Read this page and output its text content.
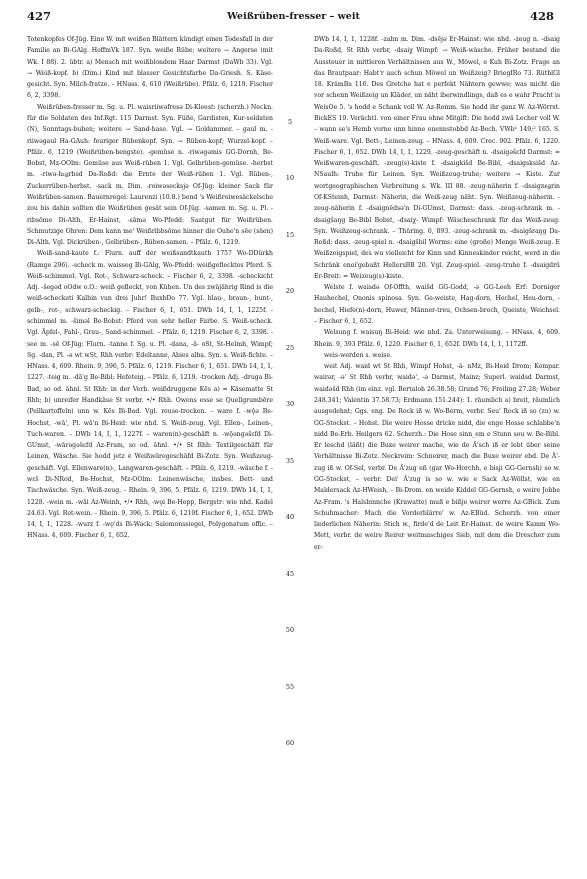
427	Weißrüben-fresser – weit	428

Totenkopfes Of-Jüg. Eine W. mit weißen Blättern kündigt einen Todesfall in der Familie an Bi-GAlg. HoffmVk 187. Syn. weiße Rübe; weitere → Angerse (mit Wk. I 88). 2. übtr. a) Mensch mit weißblondem Haar Darmst (DaWb 33). Vgl. → Weiß-kopf. b) (Dim.) Kind mit blasser Gesichtsfarbe Da-Griesh. S. Käse-gesicht. Syn. Milch-fratze. – HNass. 4, 610 (Weißrübe). Pfälz. 6, 1219. Fischer 6, 2, 3398.

Weißrüben-fresser m. Sg. u. Pl. waisriiwəfresə Di-Kleest: (scherzh.) Neckn. für die Soldaten des Inf.Rgt. 115 Darmst. Syn. Füße, Gardisten, Kur-soldaten (N), Sonntags-buben; weitere → Sand-hase. Vgl. → Goldammer. – gaul m. -riiwəgaul Ha-GAuh: feuriger Rübenkopf. Syn. → Rüben-kopf; Wurzel-kopf. – Pfälz. 6, 1219 (Weißrüben-hengste). -gemüse n. -riwəgəmis GG-Dornh, Be-Bobst, Mz-OOlm: Gemüse aus Weiß-rüben 1. Vgl. Gelbrüben-gemüse. -herbst m. -riwə-hε͜ərbsd Da-Roßd: die Ernte der Weiß-rüben 1. Vgl. Rüben-, Zuckerrüben-herbst. -sack m. Dim. -roiwəsecksjə Of-Jüg: kleiner Sack für Weißrüben-samen. Bauernregel: Laurenzi (10.8.) bend 's Weißroiwesäckelsche zou bis dahin sollten die Weißrüben gesät sein Of-Jüg. -samen m. Sg. u. Pl. -ribsōme Di-Alth, Er-Hainst, -sāmə Wo-Pfedd: Saatgut für Weißrüben. Schmutzige Ohren: Dem kann me' Weißribbsōme hinner die Ouhe'n sēe (säen) Di-Alth. Vgl. Dickrüben-, Gelbrüben-, Rüben-samen. – Pfälz. 6, 1219.

Weiß-sand-kaute f.: Flurn. auff der weißsandtkauth 1757 Wo-DDürkh (Ramge 296). -scheck m. waisseg Bi-GAlg, Wo-Pfedd: weißgeflecktes Pferd. S. Weiß-schimmel. Vgl. Rot-, Schwarz-scheck. – Fischer 6, 2, 3398. -scheckicht Adj. -šegəd oOdw o.O.: weiß gefleckt, von Kühen. Un des zwäjährig Rind is die weiß-schecketi Kalbin vun drei Juhr! BuxbDo 77. Vgl. blau-, braun-, bunt-, gelb-, rot-, schwarz-scheckig. – Fischer 6, 1, 651. DWb 14, I, 1, 1225f. -schimmel m. -šiməl Be-Bobst: Pferd von sehr heller Farbe. S. Weiß-scheck. Vgl. Äpfel-, Fahl-, Grau-, Sand-schimmel. – Pfälz. 6, 1219. Fischer 6, 2, 3398. -see m. -sē Of-Jüg: Flurn. -tanne f. Sg. u. Pl. -dana, -ā- oSt, St-Helmh, Wimpf; Sg. -dan, Pl. -ə wt wSt, Rhh verbr: Edeltanne, Abies alba. Syn. s. Weiß-fichte. – HNass. 4, 609. Rhein. 9, 396, 5. Pfälz. 6, 1219. Fischer 6, 1, 651. DWb 14, I, 1, 1227. -teig m. -dā'g Be-Bibl: Hefeteig. – Pfälz. 6, 1219. -trocken Adj. -druga Bi-Bad, so od. ähnl. St Rhh: in der Verb. weißdruggene Kēs a) = Käsematte St Rhh; b) unreifer Handkäse St verbr. •/• Rhh. Owens esse se Quellgrumbēre (Pellkartoffeln) unn w. Kēs Bi-Bad. Vgl. reuse-trocken. – ware f. -wǭə Be-Hochst, -wā', Pl. wā'n Bi-Heid: wie nhd. S. Weiß-zeug. Vgl. Ellen-, Leinen-, Tuch-waren. – DWb 14, I, 1, 1227f. – waren(n)-geschäft n. -wǭəngəšεfd Di-GUmst, -wārəgəšεfd Az-Fram, so od. ähnl. •/• St Rhh: Textilgeschäft für Leinen, Wäsche. Sie hodd jetz e Weißwäregeschäfd Bi-Zotz. Syn. Weißzeug-geschäft. Vgl. Ellenware(n)-, Langwaren-geschäft. – Pfälz. 6, 1219. -wäsche f. -wεš Di-NRod, Be-Hochst, Mz-OOlm: Leinenwäsche, insbes. Bett- und Tischwäsche. Syn. Weiß-zeug. – Rhein. 9, 396, 5. Pfälz. 6, 1219. DWb 14, I, 1, 1228. -wein m. -wāi Az-Weinh, •/• Rhh, -wǫi Be-Hepp, Bergstr: wie nhd. Kadel 24.63. Vgl. Rot-wein. – Rhein. 9, 396, 5. Pfälz. 6, 1219f. Fischer 6, 1, 652. DWb 14, I, 1, 1228. -wurz f. -wǫ'ds Bi-Wack: Salomonssiegel, Polygonatum offic. – HNass. 4, 609. Fischer 6, 1, 652.

5
10
15
20
25
30
35
40
45
50
55
60

DWb 14, I, 1, 1228f. -zahn m. Dim. -dsējə Er-Hainst: wie nhd. -zeug n. -dsaig Da-Roßd, St Rhh verbr, -dsaiχ Wimpf: → Weiß-wäsche. Früher bestand die Aussteuer in mittleren Verhältnissen aus W., Möwel, e Kuh Bi-Zotz. Frage an das Brautpaar: Habt'r auch schun Möwel un Weißzeig? BriegIRo 73. RüthlGl 18. KrämBa 116. Des Gretche hat e perfekt Nähtern gewwe; was micht die vor schenn Weißzeig un Kläder, un näht iberwindlings, daß es e wahr Pracht is WeisOe 5. 's hodd e Schank voll W. Az-Romm. Sie hodd ihr ganz W. Az-Wörrst. BickES 19. Verächtl. von einer Frau ohne Mitgift: Die hodd zwä Lecher voll W. – wann se's Hemb vorne unn hinne enennstobbd Az-Bech. VWb¹ 149;² 165. S. Weiß-ware. Vgl. Bett-, Leinen-zeug. – HNass. 4, 609. Crec. 902. Pfälz. 6, 1220. Fischer 6, 1, 652. DWb 14, I, 1, 1229. -zeug-geschäft n. -dsaigəšεfd Darmst: = Weißwaren-geschäft. -zeug(s)-kiste f. -dsaigkišd Be-Bibl, -dsaigsksišd Az-NSaulh: Truhe für Leinen. Syn. Weißzeug-truhe; weitere → Kiste. Zur wortgeographischen Verbreitung s. Wk. III 88. -zeug-näherin f. -dsaignē͜ərin Of-KSteinh, Darmst: Näherin, die Weiß-zeug näht. Syn. Weißzeug-näherin. -zeug-näherin f. -dsaignēdsə'n Di-GUmst, Darmst: dass. -zeug-schrank m. -dsaigšaŋg Be-Bibl Bobst, -dsaiχ- Wimpf: Wäscheschrank für das Weiß-zeug. Syn. Weißzeug-schrank. – Thüring. 6, 893. -zeug-schrank m. -dsaigšraŋg Da-Roßd: dass. -zeug-spiel n. -dsaigšbil Worms: eine (große) Menge Weiß-zeug. E Weißzeigspiel, des wu vielleicht for Kinn und Kinneskinder reicht, werd in die Schränk enei'gebaßt HellersBB 20. Vgl. Zeug-spiel. -zeug-truhe f. -dsaigdrū Er-Breit: = Weizeug(s)-kiste.

Welste f. waisdə Of-Offth, waišd GG-Godd, -ə GG-Leeh Erf: Dorniger Hauhechel, Ononis spinosa. Syn. Ge-weiste, Hag-dorn, Hechel, Heu-dorn, -hechel, Hiefe(n)-dorn, Huwer, Männer-treu, Ochsen-brech, Queiste, Weichsel. – Fischer 6, 1, 652.

Welsung f. waisuŋ Bi-Heid: wie nhd. Zs. Unterweisung. – HNass. 4, 609. Rhein. 9, 393 Pfälz. 6, 1220. Fischer 6, 1, 652f. DWb 14, I, 1, 1172ff.

weis-werden s. weise.

weit Adj. waid wt St Rhh, Wimpf Hohst, -ä- nMz, Bi-Heid Drom; Kompar. wairər, -ə' St Rhh verbr, waidə', -ə Darmst, Mainz; Superl. waidsd Darmst, waidəšd Rhh (im einz. vgl. Bertaloh 26.38.58; Grund 76; Freiling 27.28; Weber 248.341; Valentin 37.58.73; Erdmann 151.244): 1. räumlich a) breit, räumlich ausgedehnt; Ggs. eng. De Rock iß w. Wo-Berm, verbr. Seu' Rock iß so (zu) w. GG-Stockst. – Hohst. Die weire Hosse dricke nidd, die enge Hosse schlabbe'n nidd Be-Erb. Heilgers 62. Scherzh.: Die Hose sinn_em e Stunn sou w. Be-Bibl. Er leschd (läßt) die Buxe weirer mache, wie de Ä'sch iß er lebt über seine Verhältnisse Bi-Zotz. Neckreim: Schneirer, mach die Buxe weirer ebd. De Ä'- zug iß w. Of-Sel, verbr. De Ä'zug eß (gar Wo-Horchh, e bisji GG-Gernsh) so w. GG-Stockst, – verbr. Dei' Ä'zug is so w. wie e Sack Az-Wöllst, wie en Maldersack Az-HWeish, – Bi-Drom. en weide Kiddel GG-Gernsh, e weire Jobbe Az-Fram. 's Halsbinnche (Krawatte) muß e bißje weirer werre Az-GBick. Zum Schuhmacher: Mach die Vorderblärre' w. Az-EBüd. Scherzh. von einer liederlichen Näherin: Stich w., firde'd de Leit Er-Hainst. de weire Kamm Wo-Mett, verbr. de weire Reirer weitmaschiges Sieb, mit dem die Drescher zum er-
